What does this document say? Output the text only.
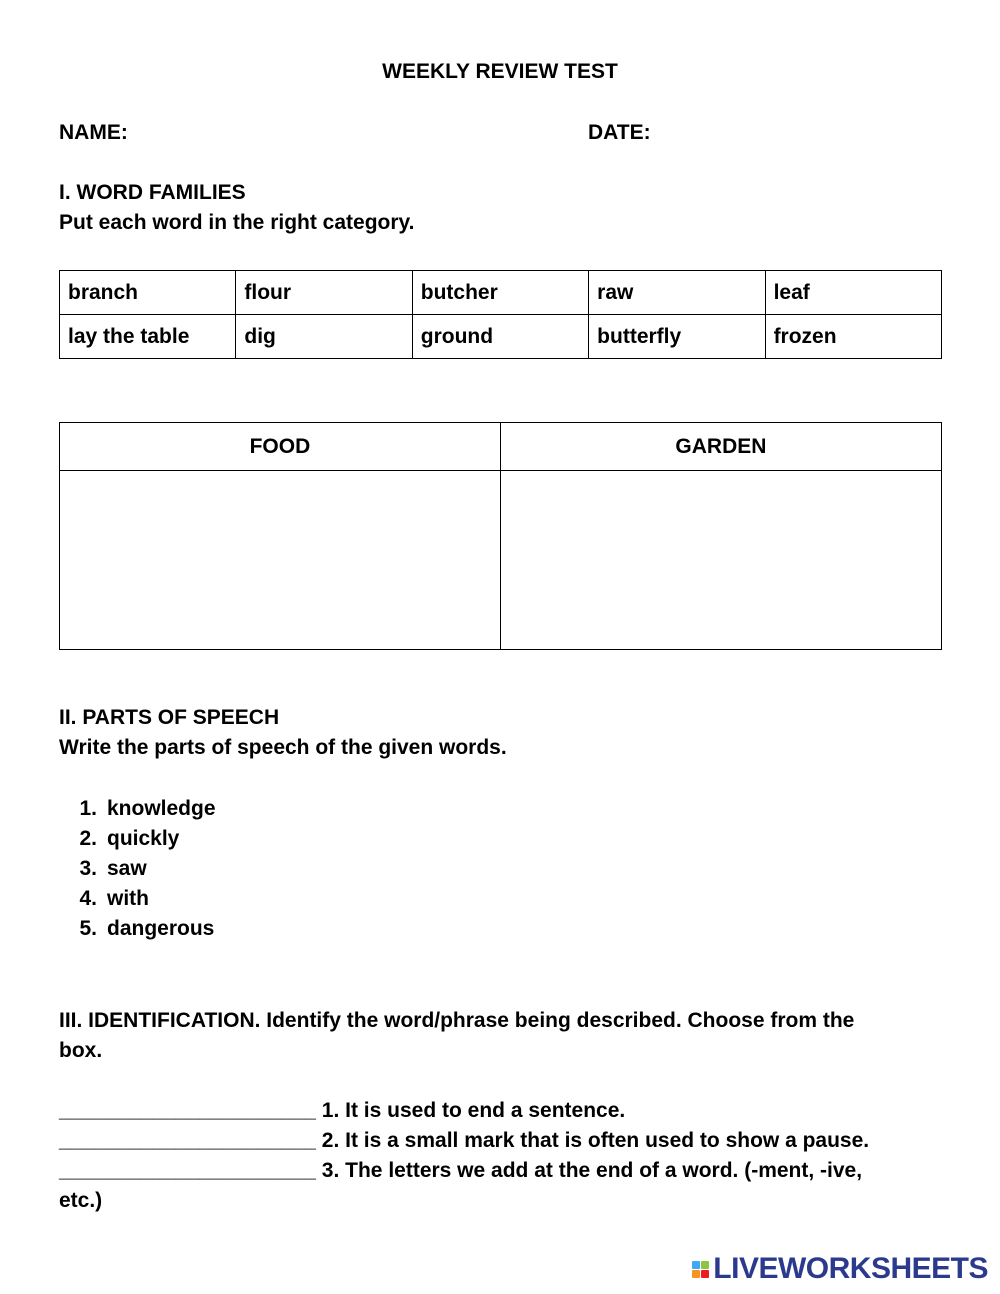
WEEKLY REVIEW TEST
NAME:	DATE:
I. WORD FAMILIES
Put each word in the right category.
branch	flour	butcher	raw	leaf
lay the table	dig	ground	butterfly	frozen
FOOD	GARDEN

II. PARTS OF SPEECH
Write the parts of speech of the given words.
1. knowledge
2. quickly
3. saw
4. with
5. dangerous
III. IDENTIFICATION. Identify the word/phrase being described. Choose from the
box.
______________________ 1. It is used to end a sentence.
______________________ 2. It is a small mark that is often used to show a pause.
______________________ 3. The letters we add at the end of a word. (-ment, -ive,
etc.)
LIVEWORKSHEETS
